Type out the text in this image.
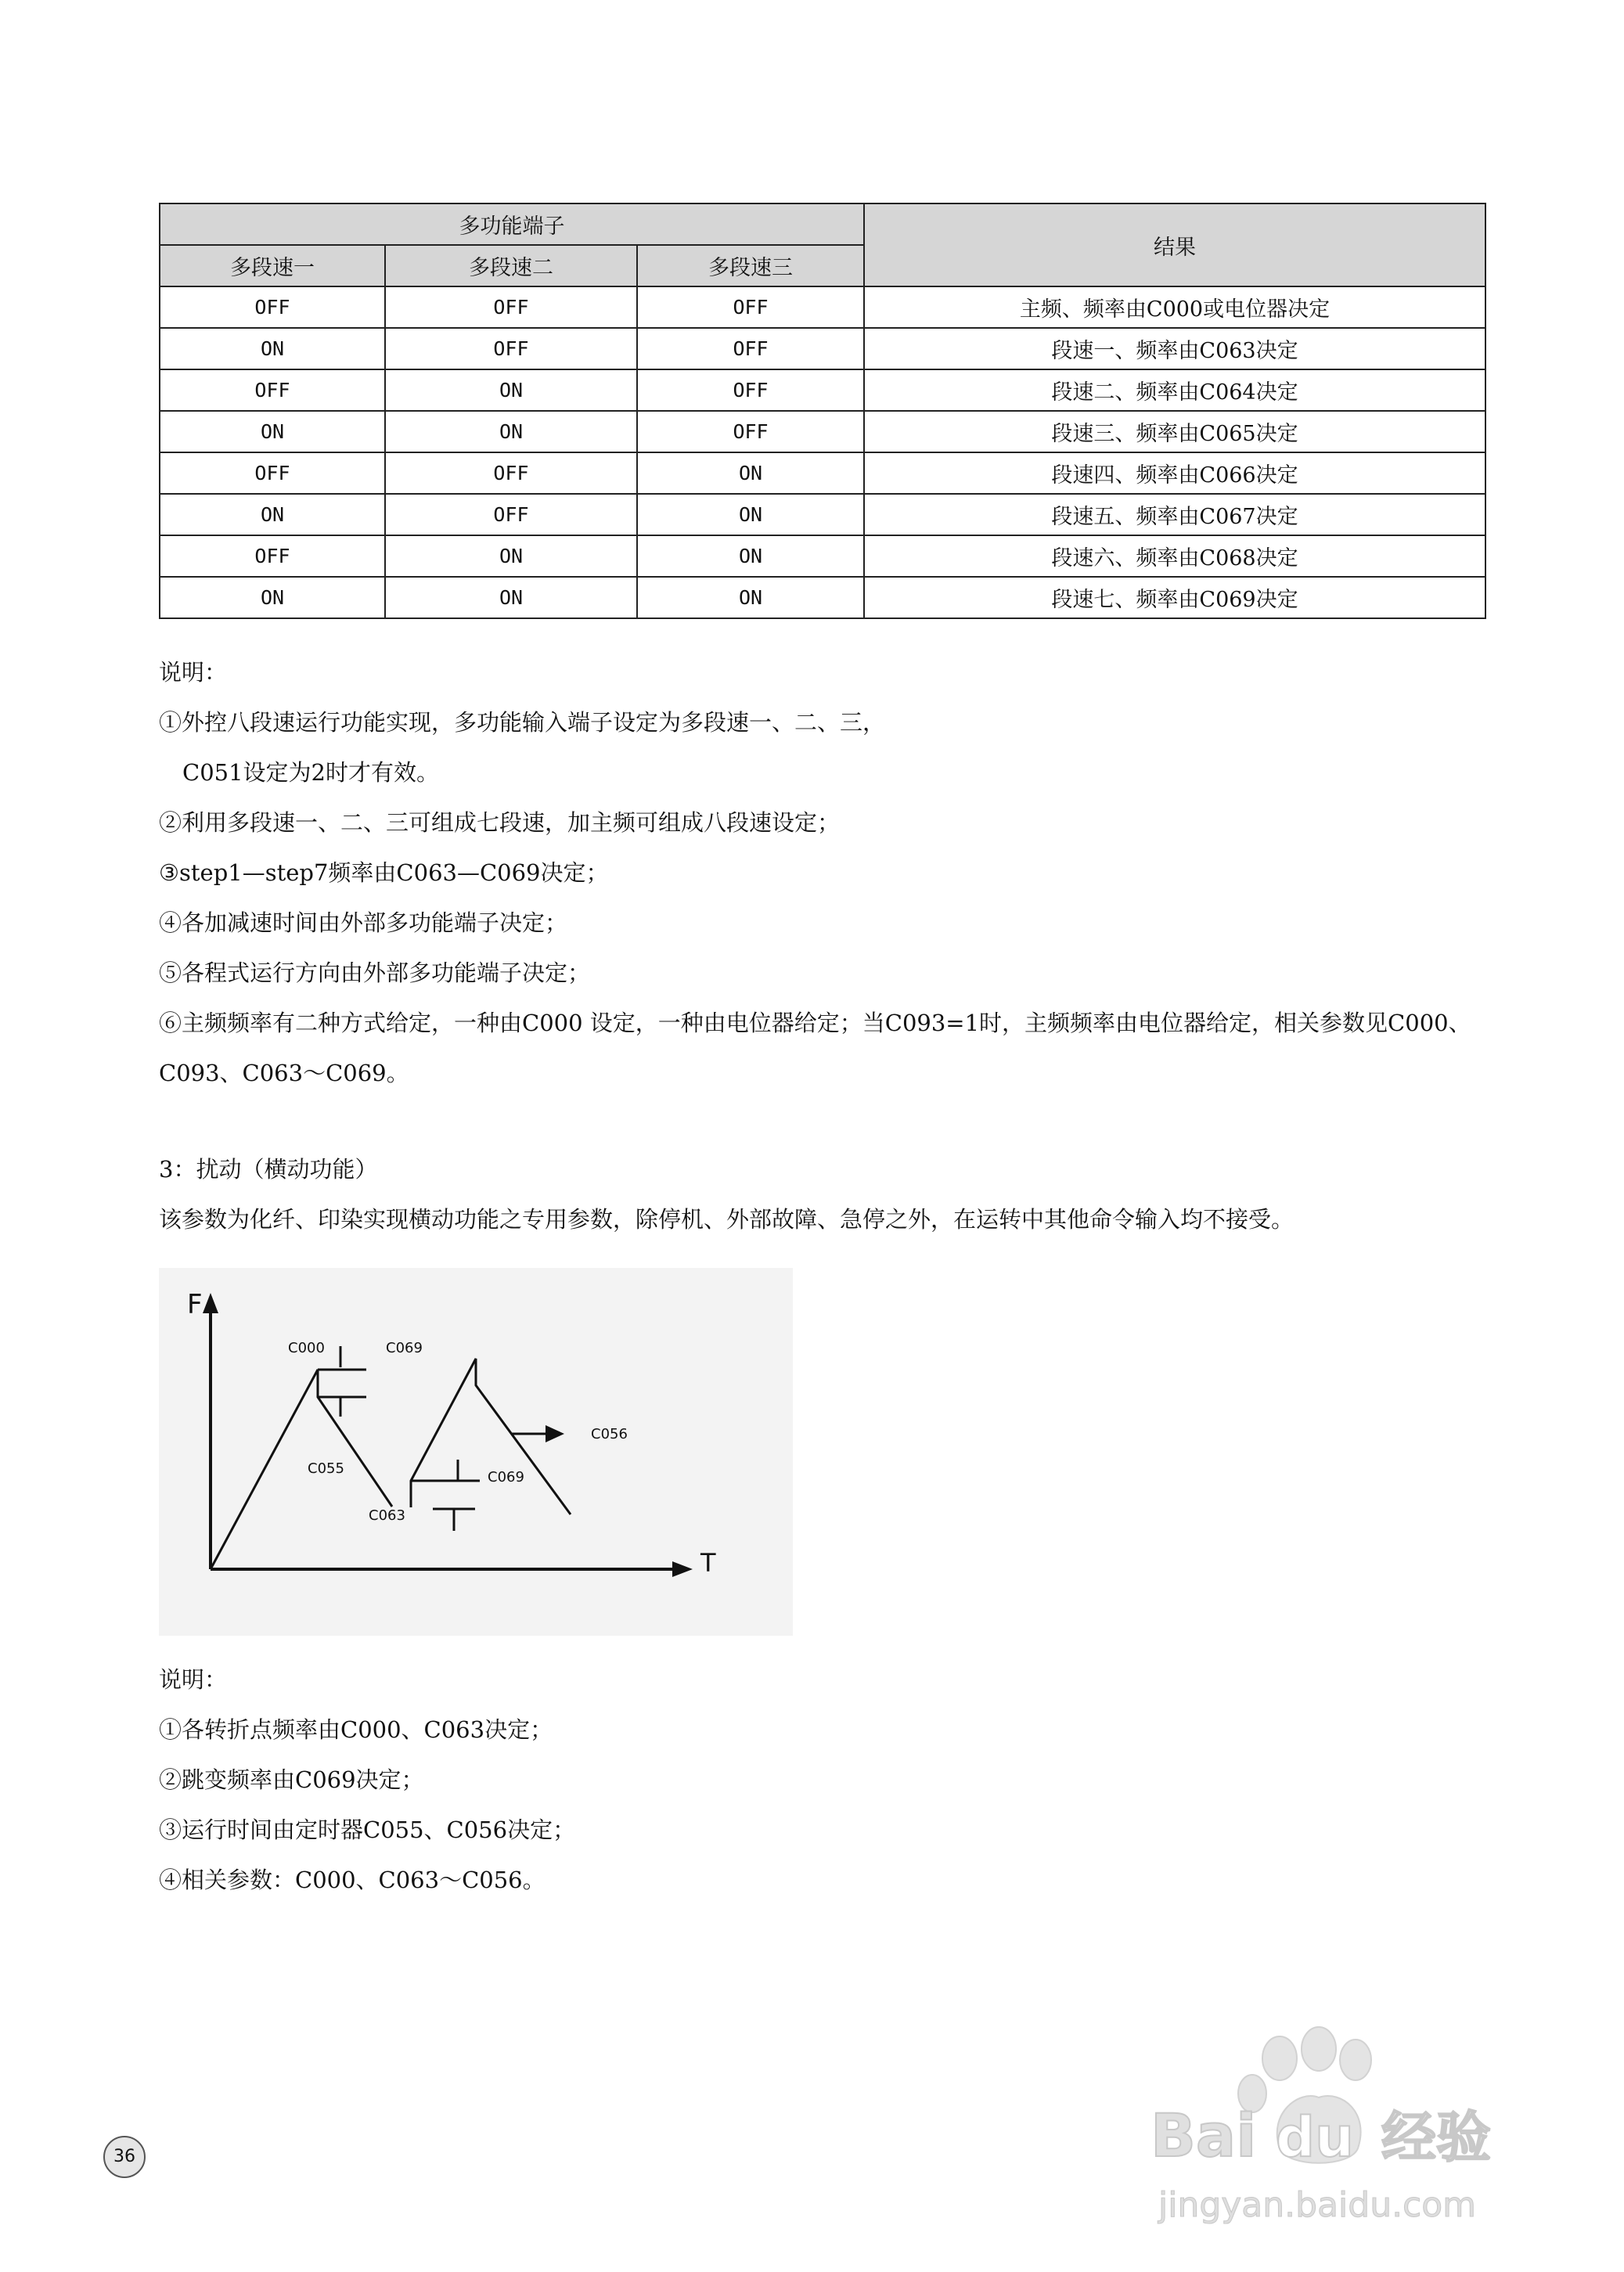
多功能端子			结果
多段速一	多段速二	多段速三	
OFF	OFF	OFF	主频、频率由C000或电位器决定
ON	OFF	OFF	段速一、频率由C063决定
OFF	ON	OFF	段速二、频率由C064决定
ON	ON	OFF	段速三、频率由C065决定
OFF	OFF	ON	段速四、频率由C066决定
ON	OFF	ON	段速五、频率由C067决定
OFF	ON	ON	段速六、频率由C068决定
ON	ON	ON	段速七、频率由C069决定
说明：
①外控八段速运行功能实现，多功能输入端子设定为多段速一、二、三，
C051设定为2时才有效。
②利用多段速一、二、三可组成七段速，加主频可组成八段速设定；
③step1—step7频率由C063—C069决定；
④各加减速时间由外部多功能端子决定；
⑤各程式运行方向由外部多功能端子决定；
⑥主频频率有二种方式给定，一种由C000 设定，一种由电位器给定；当C093=1时，主频频率由电位器给定，相关参数见C000、C093、C063～C069。
3：扰动（横动功能）
该参数为化纤、印染实现横动功能之专用参数，除停机、外部故障、急停之外，在运转中其他命令输入均不接受。
F
T
C000	C069
C055
C063
C069
C056
说明：
①各转折点频率由C000、C063决定；
②跳变频率由C069决定；
③运行时间由定时器C055、C056决定；
④相关参数：C000、C063～C056。
36	Bai du 经验
jingyan.baidu.com
